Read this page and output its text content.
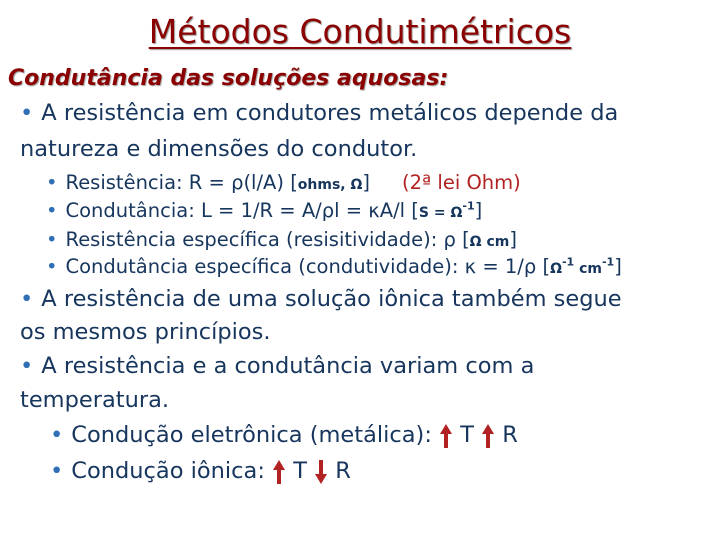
Métodos Condutimétricos
Condutância das soluções aquosas:
• A resistência em condutores metálicos depende da
natureza e dimensões do condutor.
• Resistência: R = ρ(l/A) [ohms, Ω] (2ª lei Ohm)
• Condutância: L = 1/R = A/ρl = κA/l $[S = \Omega^{-1}]$
• Resistência específica (resisitividade): ρ [Ω cm]
• Condutância específica (condutividade): κ = 1/ρ [$\Omega^{-1}$ $cm^{-1}$]
• A resistência de uma solução iônica também segue
os mesmos princípios.
• A resistência e a condutância variam com a
temperatura.
• Condução eletrônica (metálica):  T R
• Condução iônica:  T R
